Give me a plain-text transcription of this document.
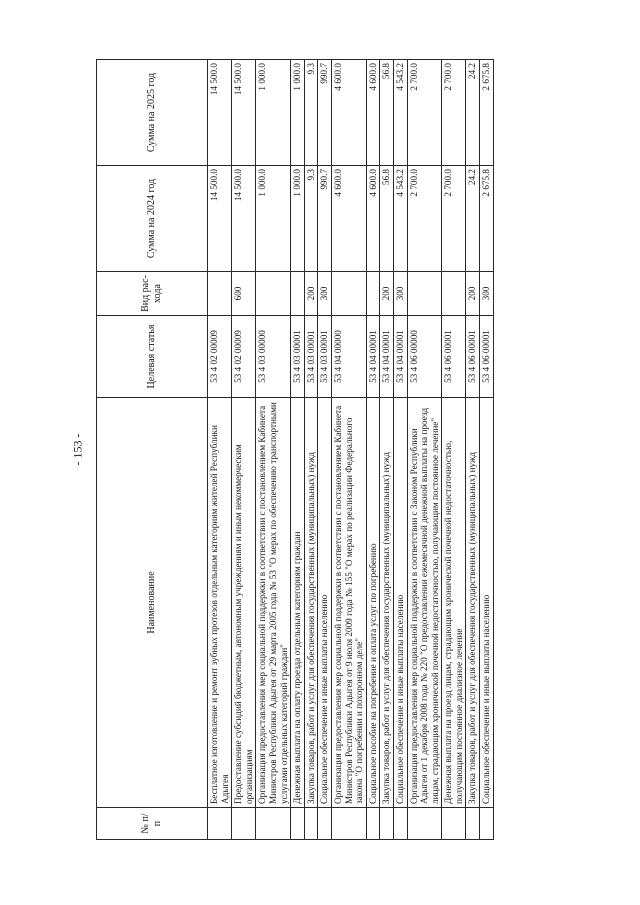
- 153 -
№ п/п	Наименование	Целевая статья	Вид рас-хода	Сумма на 2024 год	Сумма на 2025 год
	Бесплатное изготовление и ремонт зубных протезов отдельным категориям жителей Республики Адыгея	53 4 02 00009		14 500.0	14 500.0
	Предоставление субсидий бюджетным, автономным учреждениям и иным некоммерческим организациям	53 4 02 00009	600	14 500.0	14 500.0
	Организация предоставления мер социальной поддержки в соответствии с постановлением Кабинета Министров Республики Адыгея от 29 марта 2005 года № 53 "О мерах по обеспечению транспортными услугами отдельных категорий граждан"	53 4 03 00000		1 000.0	1 000.0
	Денежная выплата на оплату проезда отдельным категориям граждан	53 4 03 00001		1 000.0	1 000.0
	Закупка товаров, работ и услуг для обеспечения государственных (муниципальных) нужд	53 4 03 00001	200	9.3	9.3
	Социальное обеспечение и иные выплаты населению	53 4 03 00001	300	990.7	990.7
	Организация предоставления мер социальной поддержки в соответствии с постановлением Кабинета Министров Республики Адыгея от 9 июля 2009 года № 155 "О мерах по реализации Федерального закона "О погребении и похоронном деле"	53 4 04 00000		4 600.0	4 600.0
	Социальное пособие на погребение и оплата услуг по погребению	53 4 04 00001		4 600.0	4 600.0
	Закупка товаров, работ и услуг для обеспечения государственных (муниципальных) нужд	53 4 04 00001	200	56.8	56.8
	Социальное обеспечение и иные выплаты населению	53 4 04 00001	300	4 543.2	4 543.2
	Организация предоставления мер социальной поддержки в соответствии с Законом Республики Адыгея от 1 декабря 2008 года № 220 "О предоставлении ежемесячной денежной выплаты на проезд лицам, страдающим хронической почечной недостаточностью, получающим постоянное лечение"	53 4 06 00000		2 700.0	2 700.0
	Денежная выплата на проезд лицам, страдающим хронической почечной недостаточностью, получающим постоянное диализное лечение	53 4 06 00001		2 700.0	2 700.0
	Закупка товаров, работ и услуг для обеспечения государственных (муниципальных) нужд	53 4 06 00001	200	24.2	24.2
	Социальное обеспечение и иные выплаты населению	53 4 06 00001	300	2 675.8	2 675.8
